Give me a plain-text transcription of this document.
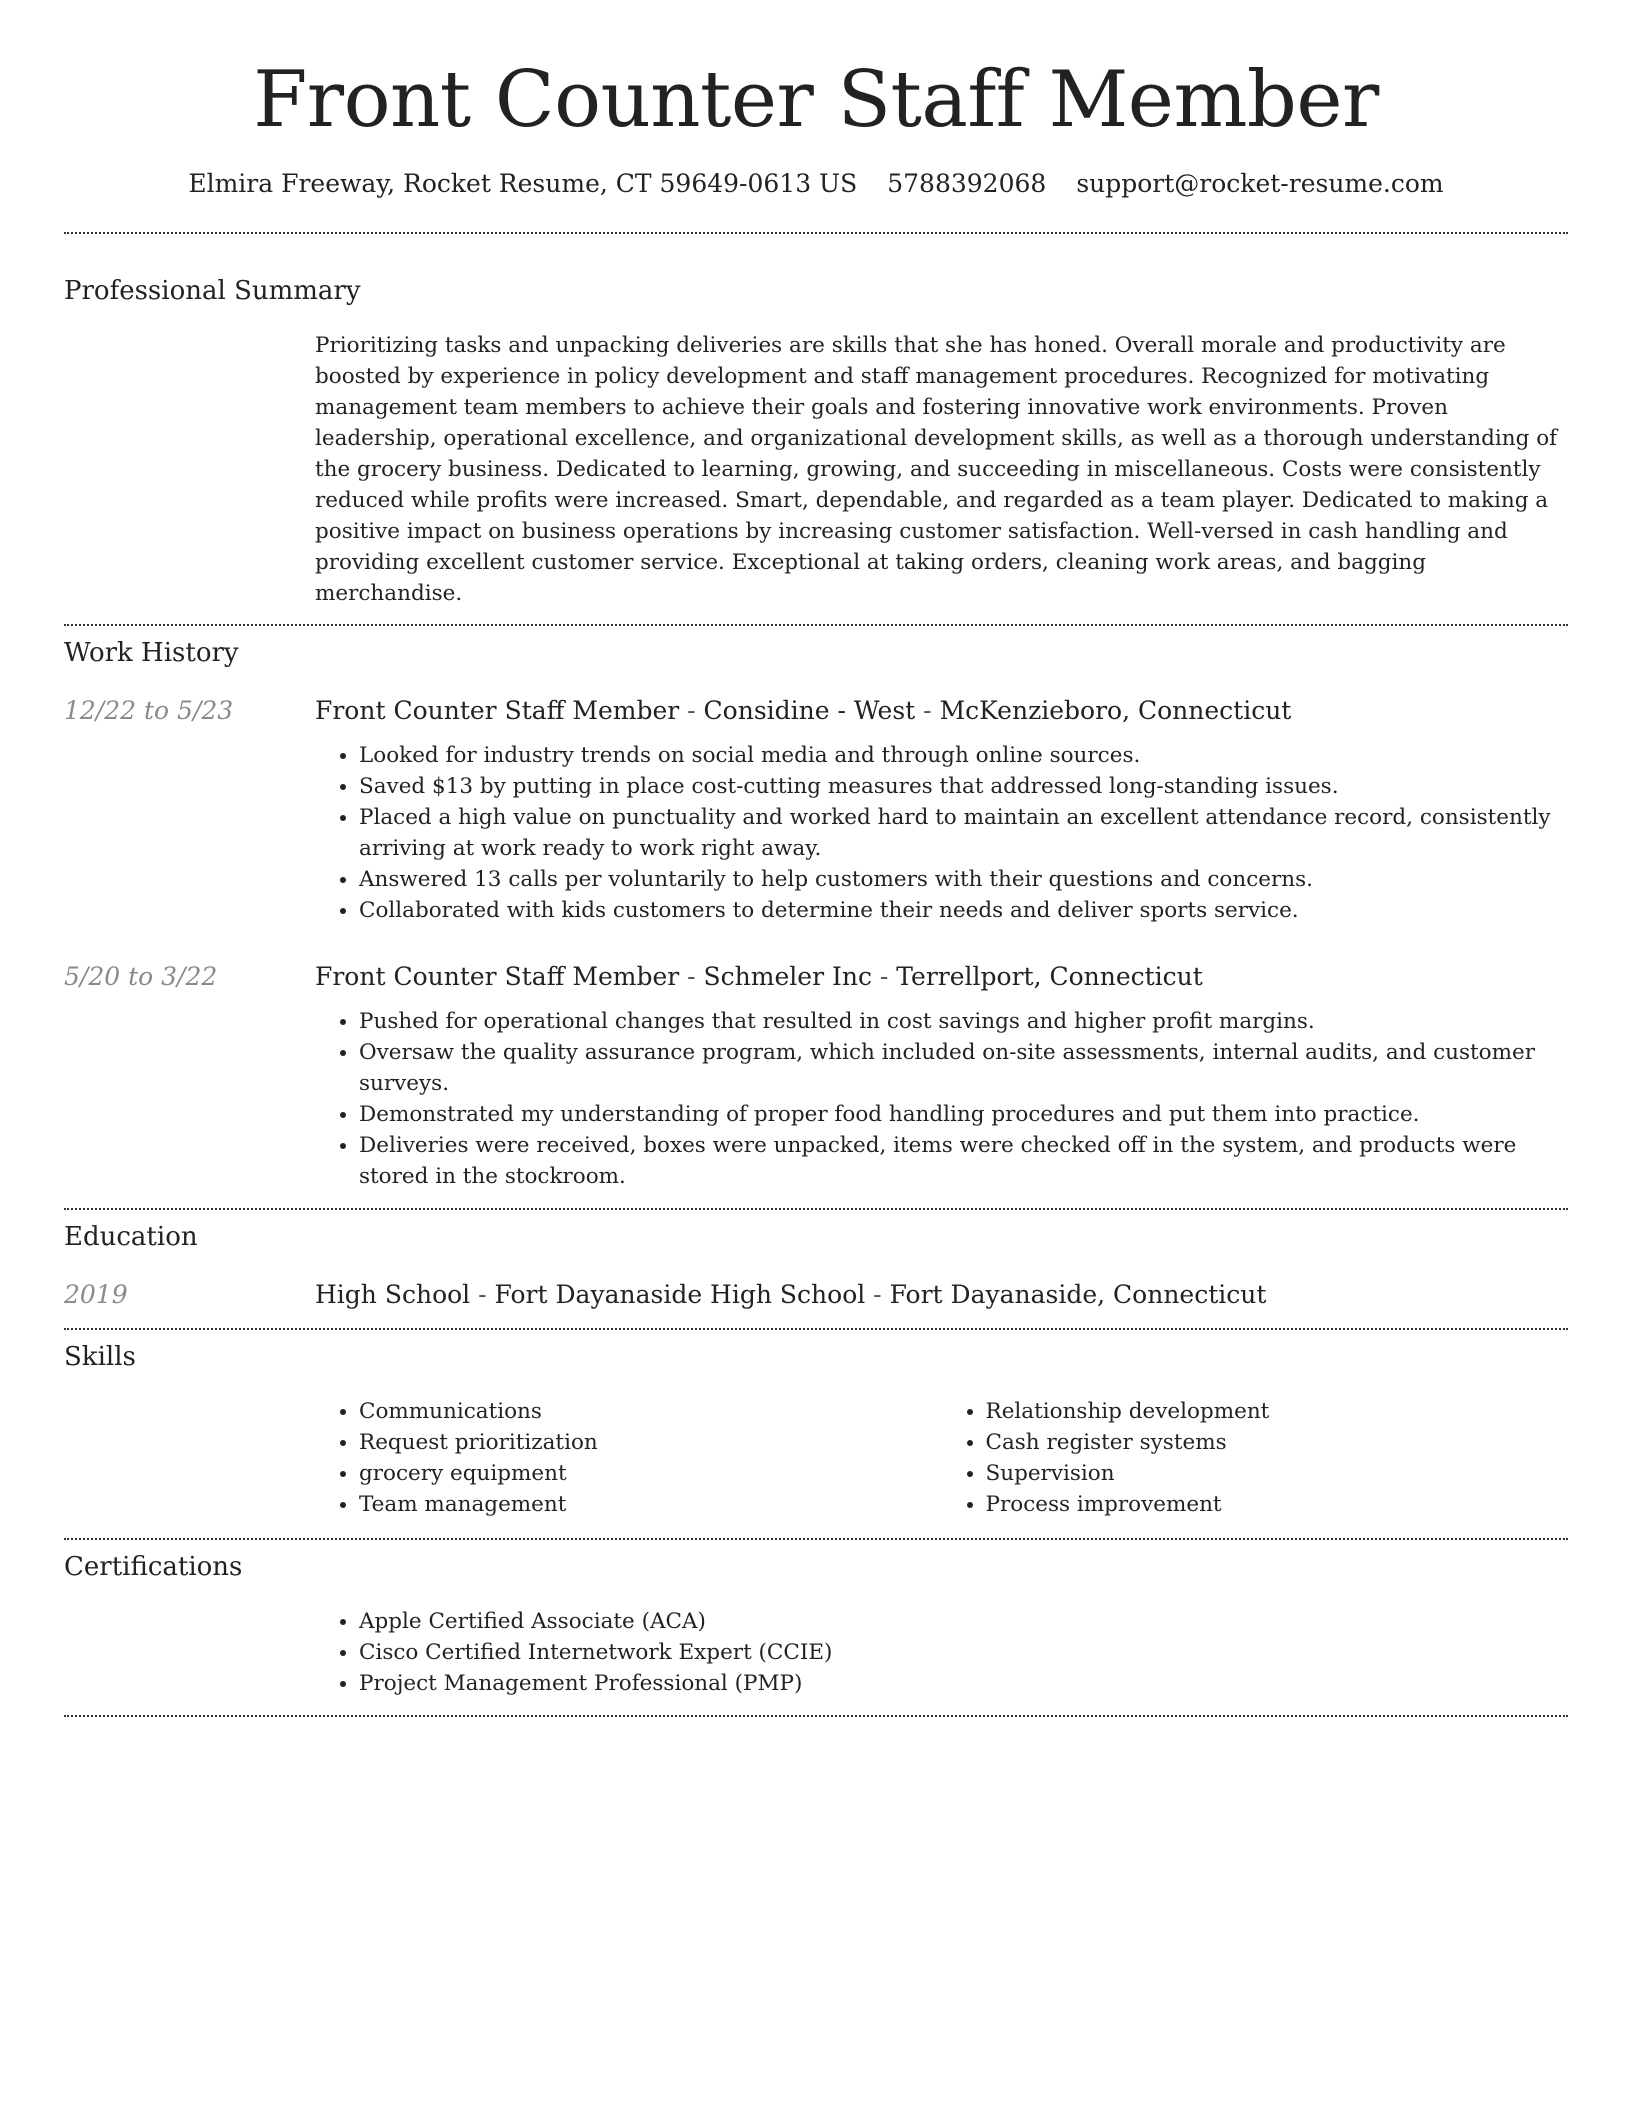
Front Counter Staff Member
Elmira Freeway, Rocket Resume, CT 59649-0613 US 5788392068 support@rocket-resume.com
Professional Summary

Prioritizing tasks and unpacking deliveries are skills that she has honed. Overall morale and productivity are boosted by experience in policy development and staff management procedures. Recognized for motivating management team members to achieve their goals and fostering innovative work environments. Proven leadership, operational excellence, and organizational development skills, as well as a thorough understanding of the grocery business. Dedicated to learning, growing, and succeeding in miscellaneous. Costs were consistently reduced while profits were increased. Smart, dependable, and regarded as a team player. Dedicated to making a positive impact on business operations by increasing customer satisfaction. Well-versed in cash handling and providing excellent customer service. Exceptional at taking orders, cleaning work areas, and bagging merchandise.

Work History
12/22 to 5/23	Front Counter Staff Member - Considine - West - McKenzieboro, Connecticut

• Looked for industry trends on social media and through online sources.
• Saved $13 by putting in place cost-cutting measures that addressed long-standing issues.
• Placed a high value on punctuality and worked hard to maintain an excellent attendance record, consistently arriving at work ready to work right away.
• Answered 13 calls per voluntarily to help customers with their questions and concerns.
• Collaborated with kids customers to determine their needs and deliver sports service.
5/20 to 3/22	Front Counter Staff Member - Schmeler Inc - Terrellport, Connecticut

• Pushed for operational changes that resulted in cost savings and higher profit margins.
• Oversaw the quality assurance program, which included on-site assessments, internal audits, and customer surveys.
• Demonstrated my understanding of proper food handling procedures and put them into practice.
• Deliveries were received, boxes were unpacked, items were checked off in the system, and products were stored in the stockroom.
Education
2019	High School - Fort Dayanaside High School - Fort Dayanaside, Connecticut

Skills
• Communications
• Request prioritization
• grocery equipment
• Team management
• Relationship development
• Cash register systems
• Supervision
• Process improvement
Certifications
• Apple Certified Associate (ACA)
• Cisco Certified Internetwork Expert (CCIE)
• Project Management Professional (PMP)
